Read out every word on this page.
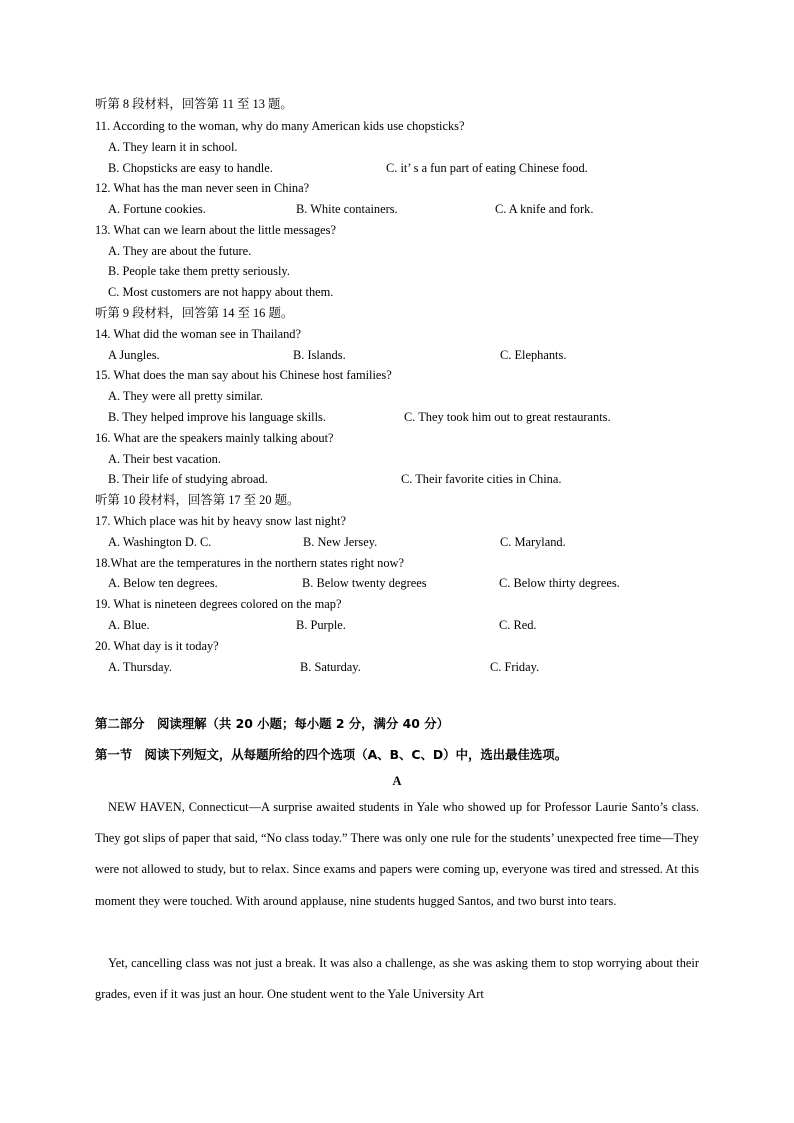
听第 8 段材料，回答第 11 至 13 题。
11. According to the woman, why do many American kids use chopsticks?
A. They learn it in school.
B. Chopsticks are easy to handle.	C. it’ s a fun part of eating Chinese food.
12. What has the man never seen in China?
A. Fortune cookies.	B. White containers.	C. A knife and fork.
13. What can we learn about the little messages?
A. They are about the future.
B. People take them pretty seriously.
C. Most customers are not happy about them.
听第 9 段材料，回答第 14 至 16 题。
14. What did the woman see in Thailand?
A Jungles.	B. Islands.	C. Elephants.
15. What does the man say about his Chinese host families?
A. They were all pretty similar.
B. They helped improve his language skills.	C. They took him out to great restaurants.
16. What are the speakers mainly talking about?
A. Their best vacation.
B. Their life of studying abroad.	C. Their favorite cities in China.
听第 10 段材料，回答第 17 至 20 题。
17. Which place was hit by heavy snow last night?
A. Washington D. C.	B. New Jersey.	C. Maryland.
18.What are the temperatures in the northern states right now?
A. Below ten degrees.	B. Below twenty degrees	C. Below thirty degrees.
19. What is nineteen degrees colored on the map?
A. Blue.	B. Purple.	C. Red.
20. What day is it today?
A. Thursday.	B. Saturday.	C. Friday.
第二部分　阅读理解（共 20 小题；每小题 2 分，满分 40 分）
第一节　阅读下列短文，从每题所给的四个选项（A、B、C、D）中，选出最佳选项。
A
NEW HAVEN, Connecticut—A surprise awaited students in Yale who showed up for Professor Laurie Santo’s class. They got slips of paper that said, “No class today.” There was only one rule for the students’ unexpected free time—They were not allowed to study, but to relax. Since exams and papers were coming up, everyone was tired and stressed. At this moment they were touched. With around applause, nine students hugged Santos, and two burst into tears.
Yet, cancelling class was not just a break. It was also a challenge, as she was asking them to stop worrying about their grades, even if it was just an hour. One student went to the Yale University Art
